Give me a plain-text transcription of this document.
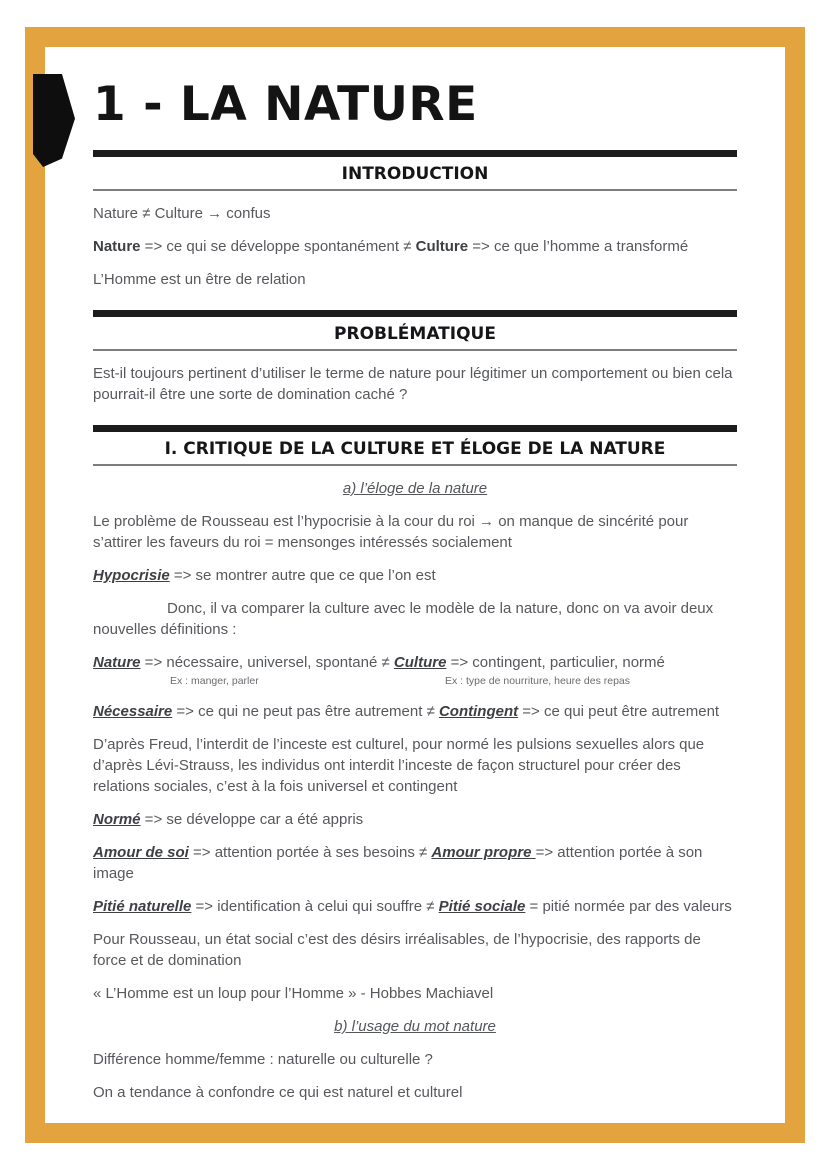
1 - LA NATURE
INTRODUCTION

Nature ≠ Culture → confus

Nature => ce qui se développe spontanément ≠ Culture => ce que l’homme a transformé

L’Homme est un être de relation

PROBLÉMATIQUE

Est-il toujours pertinent d’utiliser le terme de nature pour légitimer un comportement ou bien cela pourrait-il être une sorte de domination caché ?

I. CRITIQUE DE LA CULTURE ET ÉLOGE DE LA NATURE

a) l’éloge de la nature

Le problème de Rousseau est l’hypocrisie à la cour du roi → on manque de sincérité pour s’attirer les faveurs du roi = mensonges intéressés socialement

Hypocrisie => se montrer autre que ce que l’on est

Donc, il va comparer la culture avec le modèle de la nature, donc on va avoir deux nouvelles définitions :

Nature => nécessaire, universel, spontané ≠ Culture => contingent, particulier, normé

Ex : manger, parler	Ex : type de nourriture, heure des repas

Nécessaire => ce qui ne peut pas être autrement ≠ Contingent => ce qui peut être autrement

D’après Freud, l’interdit de l’inceste est culturel, pour normé les pulsions sexuelles alors que d’après Lévi-Strauss, les individus ont interdit l’inceste de façon structurel pour créer des relations sociales, c’est à la fois universel et contingent

Normé => se développe car a été appris

Amour de soi => attention portée à ses besoins ≠ Amour propre => attention portée à son image

Pitié naturelle => identification à celui qui souffre ≠ Pitié sociale = pitié normée par des valeurs

Pour Rousseau, un état social c’est des désirs irréalisables, de l’hypocrisie, des rapports de force et de domination

« L’Homme est un loup pour l’Homme » - Hobbes Machiavel

b) l’usage du mot nature

Différence homme/femme : naturelle ou culturelle ?

On a tendance à confondre ce qui est naturel et culturel
